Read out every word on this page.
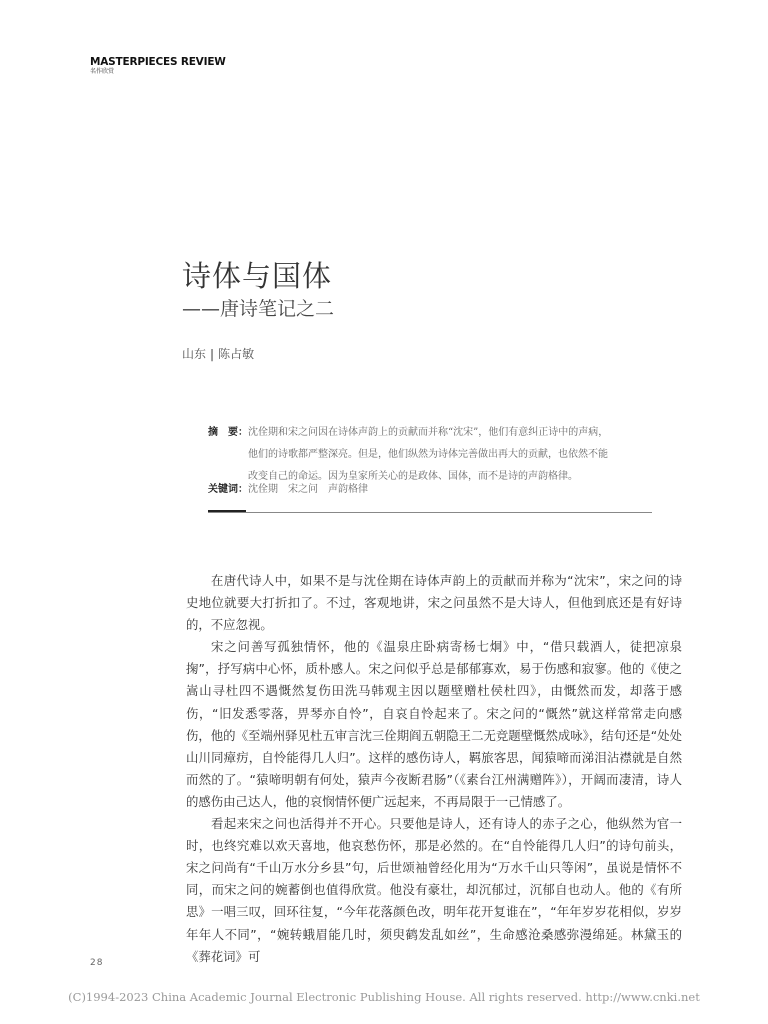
MASTERPIECES REVIEW
名作欣赏
诗体与国体
——唐诗笔记之二
山东 | 陈占敏
摘　要：沈佺期和宋之问因在诗体声韵上的贡献而并称“沈宋”，他们有意纠正诗中的声病，
他们的诗歌都严整深亮。但是，他们纵然为诗体完善做出再大的贡献，也依然不能
改变自己的命运。因为皇家所关心的是政体、国体，而不是诗的声韵格律。
关键词：沈佺期 宋之问 声韵格律

在唐代诗人中，如果不是与沈佺期在诗体声韵上的贡献而并称为“沈宋”，宋之问的诗史地位就要大打折扣了。不过，客观地讲，宋之问虽然不是大诗人，但他到底还是有好诗的，不应忽视。

宋之问善写孤独情怀，他的《温泉庄卧病寄杨七炯》中，“借只载酒人，徒把凉泉掬”，抒写病中心怀，质朴感人。宋之问似乎总是郁郁寡欢，易于伤感和寂寥。他的《使之嵩山寻杜四不遇慨然复伤田洗马韩观主因以题壁赠杜侯杜四》，由慨然而发，却落于感伤，“旧发悉零落，畀琴亦自怜”，自哀自怜起来了。宋之问的“慨然”就这样常常走向感伤，他的《至端州驿见杜五审言沈三佺期阎五朝隐王二无竞题壁慨然成咏》，结句还是“处处山川同瘴疠，自怜能得几人归”。这样的感伤诗人，羁旅客思，闻猿啼而涕泪沾襟就是自然而然的了。“猿啼明朝有何处，猿声今夜断君肠”（《素台江州满赠阵》），开阔而凄清，诗人的感伤由己达人，他的哀悯情怀便广远起来，不再局限于一己情感了。

看起来宋之问也活得并不开心。只要他是诗人，还有诗人的赤子之心，他纵然为官一时，也终究难以欢天喜地，他哀愁伤怀，那是必然的。在“自怜能得几人归”的诗句前头，宋之问尚有“千山万水分乡县”句，后世颂袖曾经化用为“万水千山只等闲”，虽说是情怀不同，而宋之问的婉蓄倒也值得欣赏。他没有豪壮，却沉郁过，沉郁自也动人。他的《有所思》一唱三叹，回环往复，“今年花落颜色改，明年花开复谁在”，“年年岁岁花相似，岁岁年年人不同”，“婉转蛾眉能几时，须臾鹤发乱如丝”，生命感沧桑感弥漫绵延。林黛玉的《葬花词》可

28
(C)1994-2023 China Academic Journal Electronic Publishing House. All rights reserved. http://www.cnki.net
